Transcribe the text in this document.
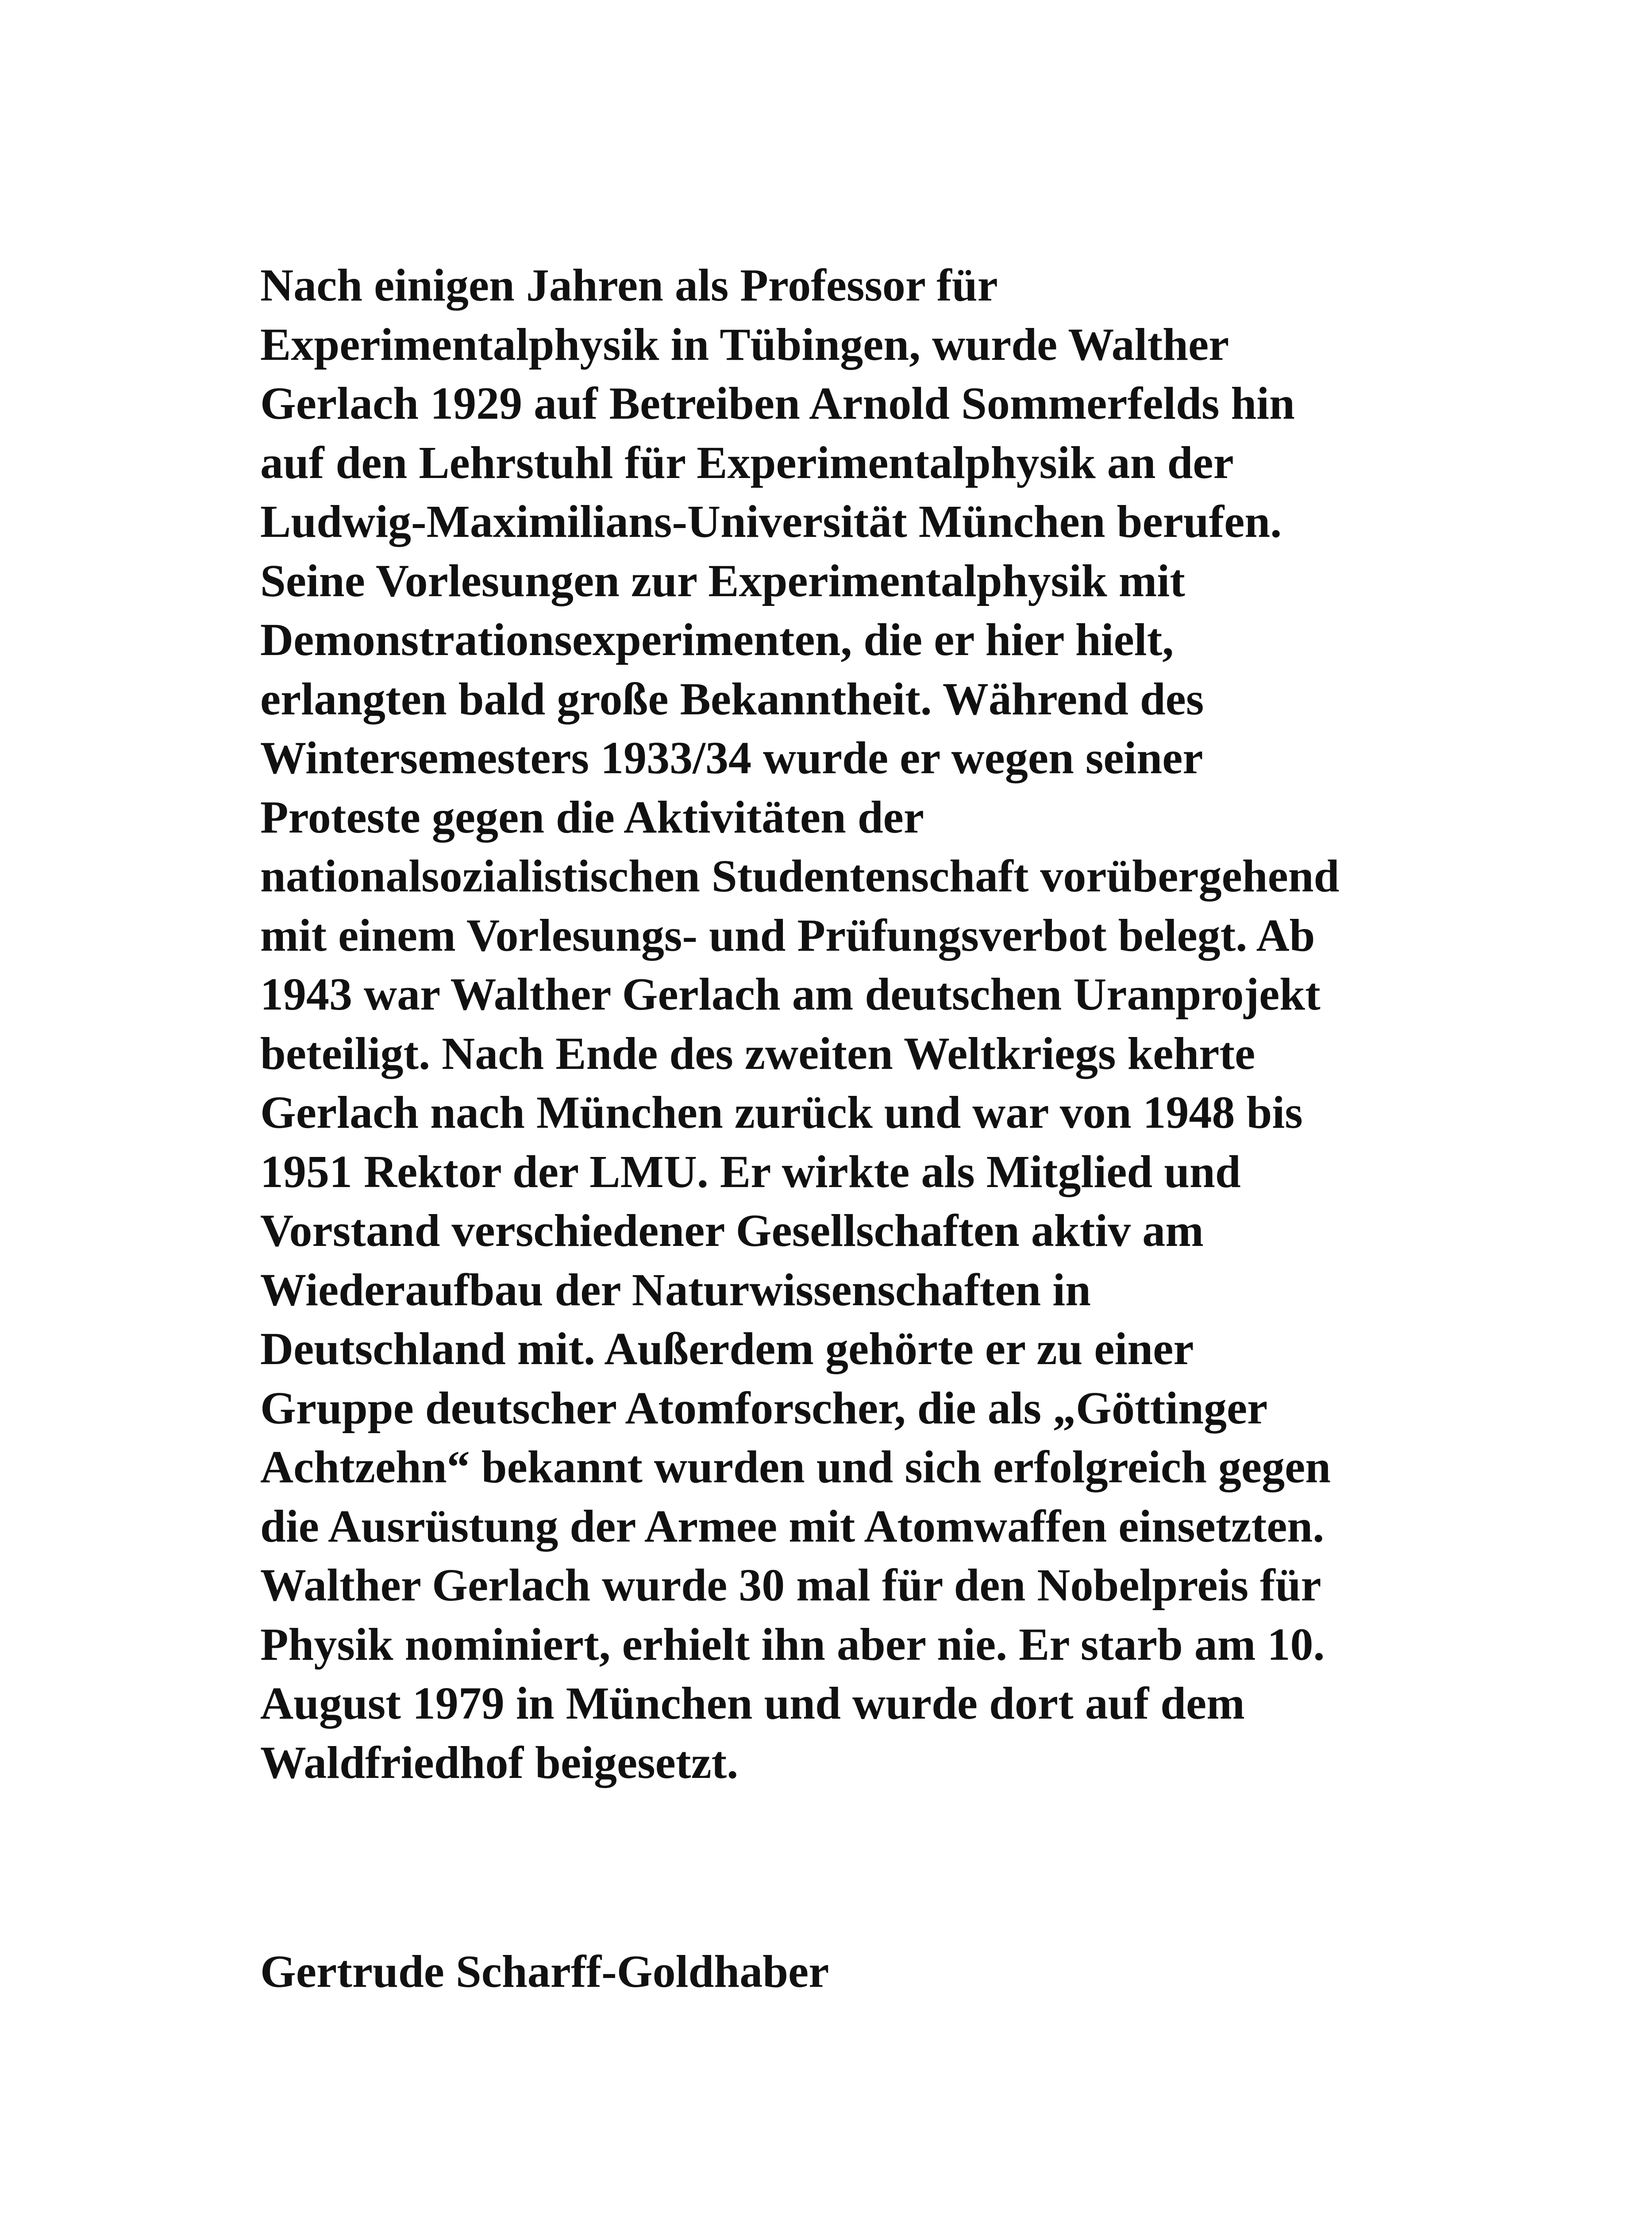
Nach einigen Jahren als Professor für
Experimentalphysik in Tübingen, wurde Walther
Gerlach 1929 auf Betreiben Arnold Sommerfelds hin
auf den Lehrstuhl für Experimentalphysik an der
Ludwig-Maximilians-Universität München berufen.
Seine Vorlesungen zur Experimentalphysik mit
Demonstrationsexperimenten, die er hier hielt,
erlangten bald große Bekanntheit. Während des
Wintersemesters 1933/34 wurde er wegen seiner
Proteste gegen die Aktivitäten der
nationalsozialistischen Studentenschaft vorübergehend
mit einem Vorlesungs- und Prüfungsverbot belegt. Ab
1943 war Walther Gerlach am deutschen Uranprojekt
beteiligt. Nach Ende des zweiten Weltkriegs kehrte
Gerlach nach München zurück und war von 1948 bis
1951 Rektor der LMU. Er wirkte als Mitglied und
Vorstand verschiedener Gesellschaften aktiv am
Wiederaufbau der Naturwissenschaften in
Deutschland mit. Außerdem gehörte er zu einer
Gruppe deutscher Atomforscher, die als „Göttinger
Achtzehn“ bekannt wurden und sich erfolgreich gegen
die Ausrüstung der Armee mit Atomwaffen einsetzten.
Walther Gerlach wurde 30 mal für den Nobelpreis für
Physik nominiert, erhielt ihn aber nie. Er starb am 10.
August 1979 in München und wurde dort auf dem
Waldfriedhof beigesetzt.

Gertrude Scharff-Goldhaber
